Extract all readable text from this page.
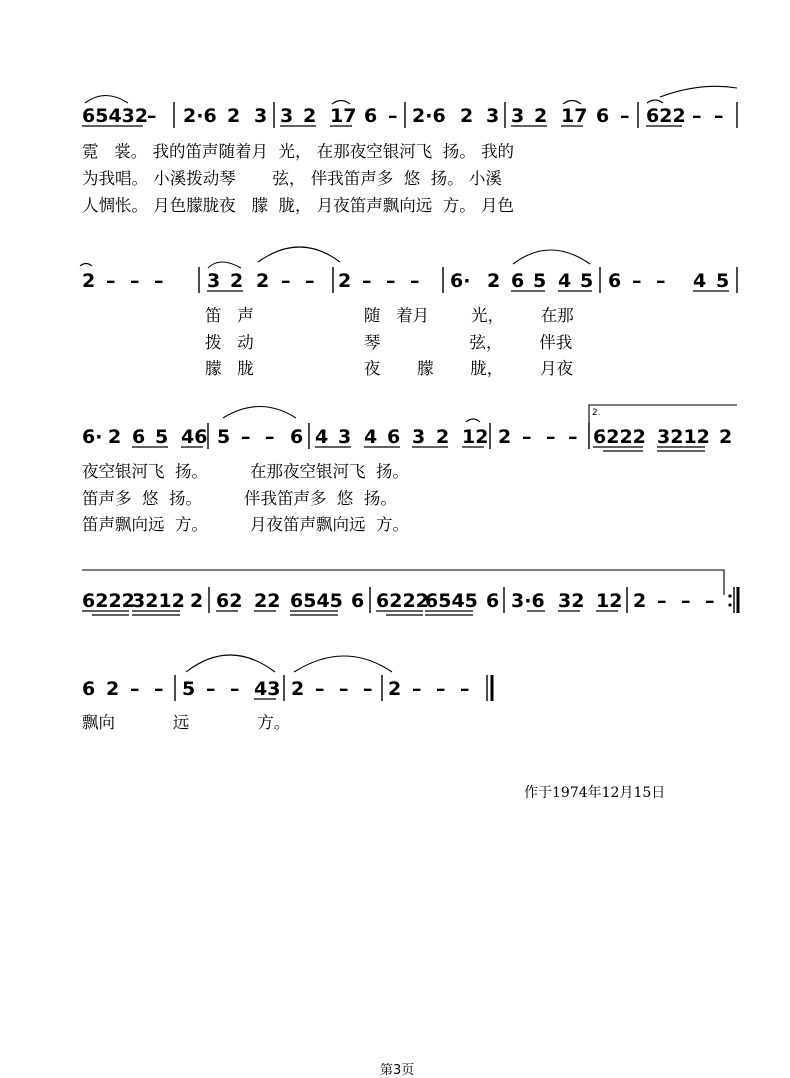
65432 – 2·6 2 3 3 2 17 6 – 2·6 2 3 3 2 17 6 – 622 – –
2 – – – 3 2 2 – – 2 – – – 6· 2 6 5 4 5 6 – – 4 5
6· 2 6 5 46 5 – – 6 4 3 4 6 3 2 12 2 – – – 6222 3212 2
2.
62223212 2 62 22 6545 6 62226545 6 3·6 32 12 2 – – –
6 2 – – 5 – – 43 2 – – – 2 – – –
霓   裳。 我的笛声随着月  光， 在那夜空银河飞  扬。 我的
为我唱。 小溪拨动琴       弦， 伴我笛声多  悠  扬。 小溪
人惆怅。 月色朦胧夜   朦  胧， 月夜笛声飘向远  方。 月色
笛   声                     随   着月        光，       在那
拨   动                     琴                 弦，       伴我
朦   胧                     夜       朦       胧，       月夜
夜空银河飞  扬。        在那夜空银河飞  扬。
笛声多  悠  扬。        伴我笛声多  悠  扬。
笛声飘向远  方。        月夜笛声飘向远  方。
飘向           远             方。
作于1974年12月15日
第3页
